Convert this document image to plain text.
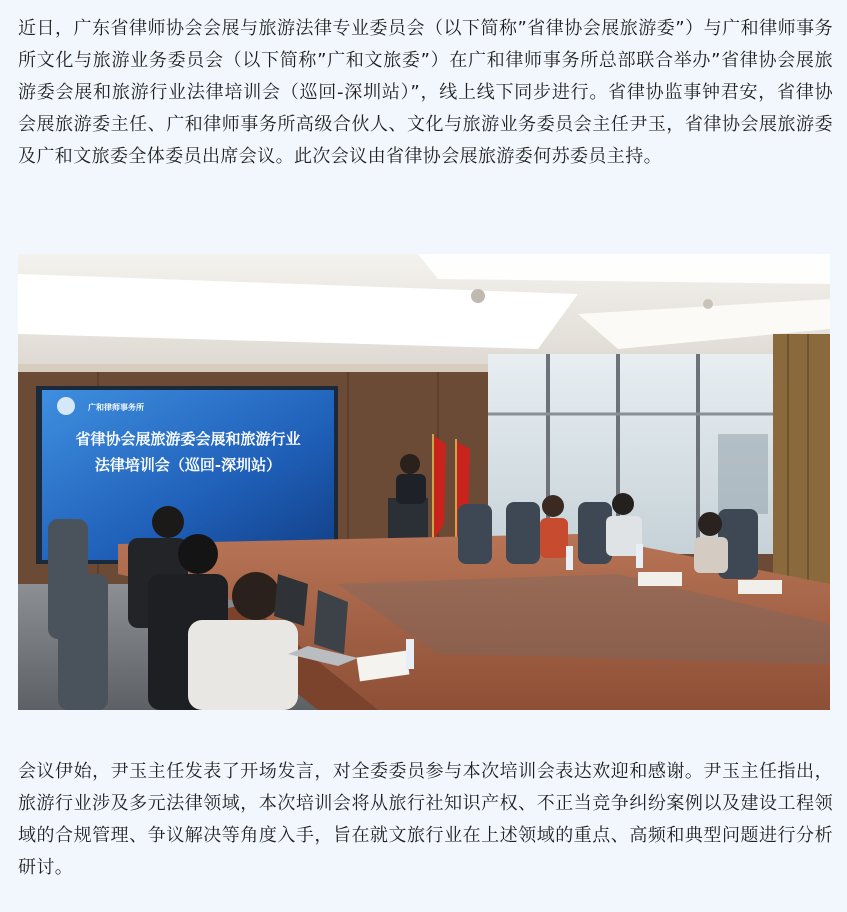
近日，广东省律师协会会展与旅游法律专业委员会（以下简称”省律协会展旅游委”）与广和律师事务所文化与旅游业务委员会（以下简称”广和文旅委”）在广和律师事务所总部联合举办”省律协会展旅游委会展和旅游行业法律培训会（巡回-深圳站）”，线上线下同步进行。省律协监事钟君安，省律协会展旅游委主任、广和律师事务所高级合伙人、文化与旅游业务委员会主任尹玉，省律协会展旅游委及广和文旅委全体委员出席会议。此次会议由省律协会展旅游委何苏委员主持。

广和律师事务所
省律协会展旅游委会展和旅游行业
法律培训会（巡回-深圳站）

会议伊始，尹玉主任发表了开场发言，对全委委员参与本次培训会表达欢迎和感谢。尹玉主任指出，旅游行业涉及多元法律领域，本次培训会将从旅行社知识产权、不正当竞争纠纷案例以及建设工程领域的合规管理、争议解决等角度入手，旨在就文旅行业在上述领域的重点、高频和典型问题进行分析研讨。
